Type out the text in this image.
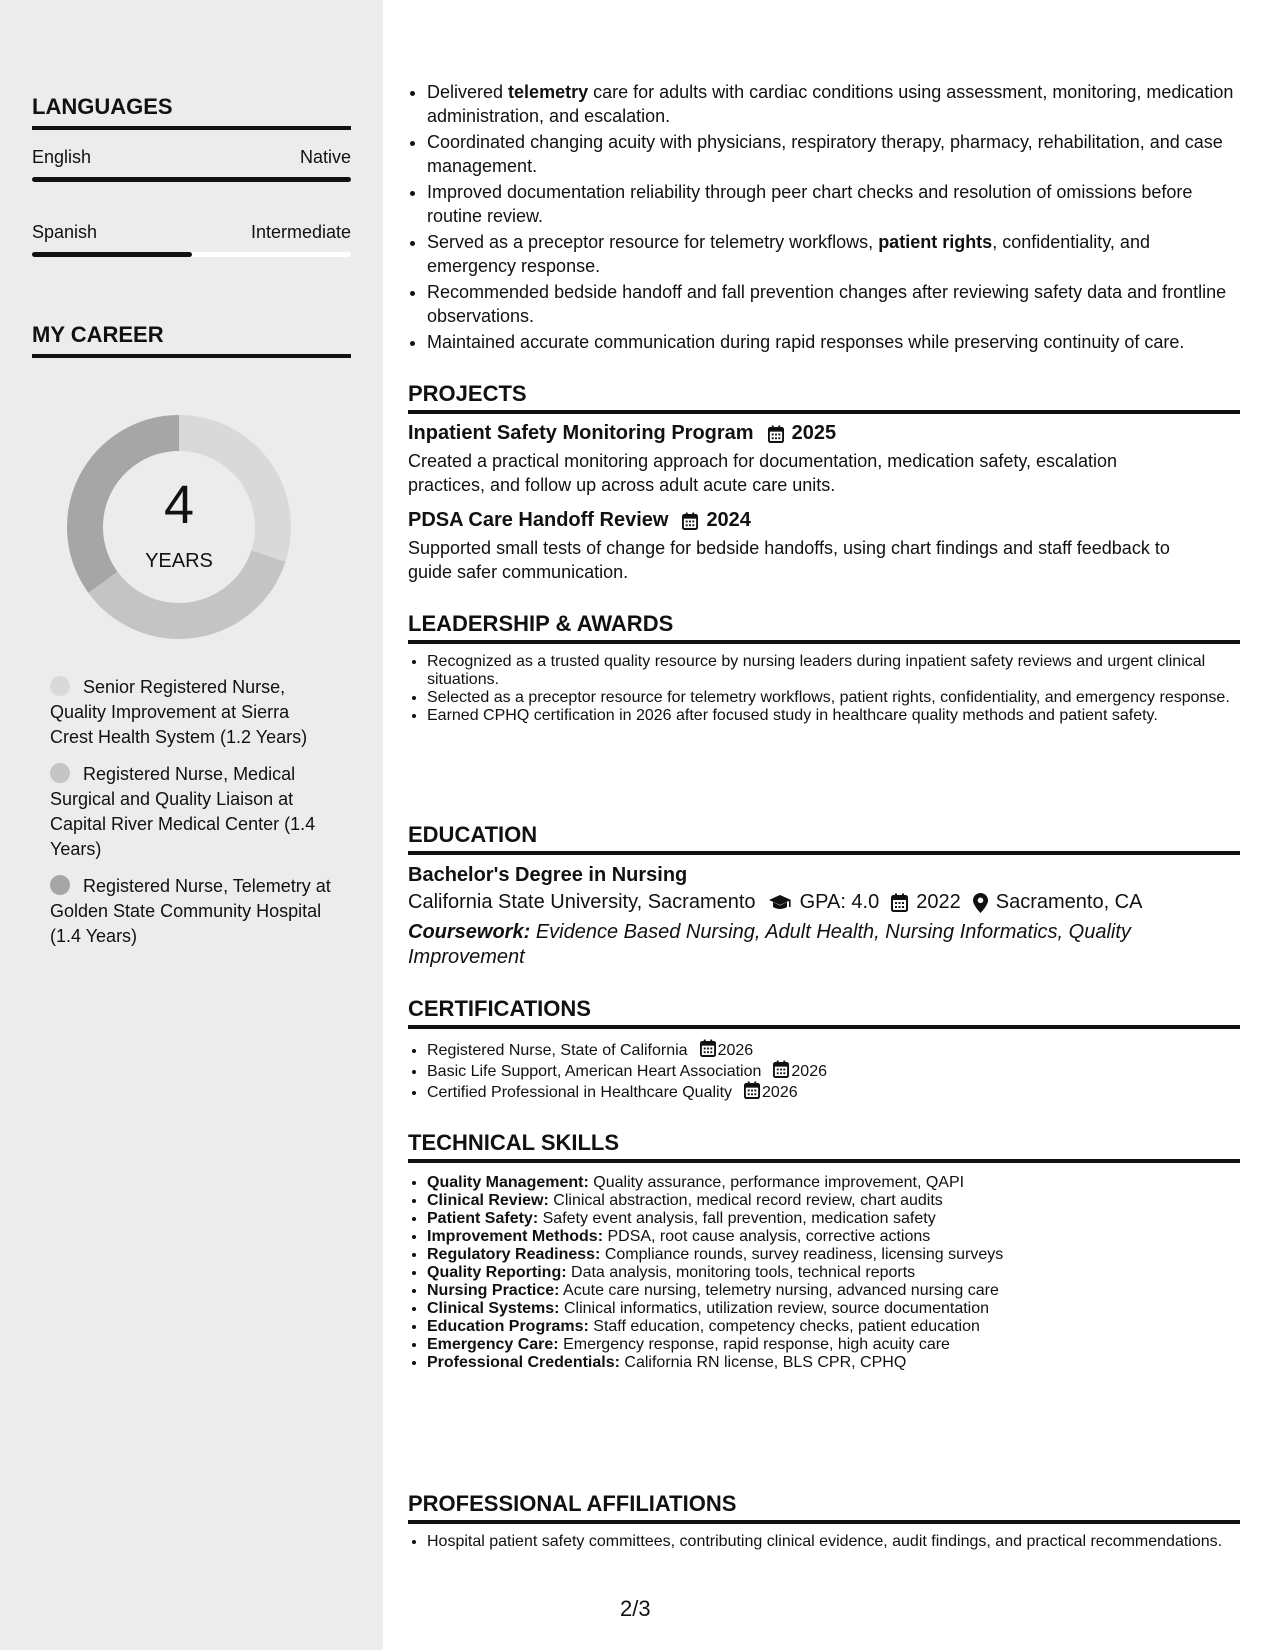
LANGUAGES
English	Native
Spanish	Intermediate
MY CAREER
4
YEARS
Senior Registered Nurse, Quality Improvement at Sierra Crest Health System (1.2 Years)
Registered Nurse, Medical Surgical and Quality Liaison at Capital River Medical Center (1.4 Years)
Registered Nurse, Telemetry at Golden State Community Hospital (1.4 Years)
• Delivered telemetry care for adults with cardiac conditions using assessment, monitoring, medication administration, and escalation.
• Coordinated changing acuity with physicians, respiratory therapy, pharmacy, rehabilitation, and case management.
• Improved documentation reliability through peer chart checks and resolution of omissions before routine review.
• Served as a preceptor resource for telemetry workflows, patient rights, confidentiality, and emergency response.
• Recommended bedside handoff and fall prevention changes after reviewing safety data and frontline observations.
• Maintained accurate communication during rapid responses while preserving continuity of care.
PROJECTS
Inpatient Safety Monitoring Program 2025
Created a practical monitoring approach for documentation, medication safety, escalation practices, and follow up across adult acute care units.
PDSA Care Handoff Review 2024
Supported small tests of change for bedside handoffs, using chart findings and staff feedback to guide safer communication.
LEADERSHIP & AWARDS
• Recognized as a trusted quality resource by nursing leaders during inpatient safety reviews and urgent clinical situations.
• Selected as a preceptor resource for telemetry workflows, patient rights, confidentiality, and emergency response.
• Earned CPHQ certification in 2026 after focused study in healthcare quality methods and patient safety.
EDUCATION
Bachelor's Degree in Nursing
California State University, Sacramento GPA: 4.0 2022 Sacramento, CA
Coursework: Evidence Based Nursing, Adult Health, Nursing Informatics, Quality Improvement
CERTIFICATIONS
• Registered Nurse, State of California 2026
• Basic Life Support, American Heart Association 2026
• Certified Professional in Healthcare Quality 2026
TECHNICAL SKILLS
• Quality Management: Quality assurance, performance improvement, QAPI
• Clinical Review: Clinical abstraction, medical record review, chart audits
• Patient Safety: Safety event analysis, fall prevention, medication safety
• Improvement Methods: PDSA, root cause analysis, corrective actions
• Regulatory Readiness: Compliance rounds, survey readiness, licensing surveys
• Quality Reporting: Data analysis, monitoring tools, technical reports
• Nursing Practice: Acute care nursing, telemetry nursing, advanced nursing care
• Clinical Systems: Clinical informatics, utilization review, source documentation
• Education Programs: Staff education, competency checks, patient education
• Emergency Care: Emergency response, rapid response, high acuity care
• Professional Credentials: California RN license, BLS CPR, CPHQ
PROFESSIONAL AFFILIATIONS
• Hospital patient safety committees, contributing clinical evidence, audit findings, and practical recommendations.
2/3
